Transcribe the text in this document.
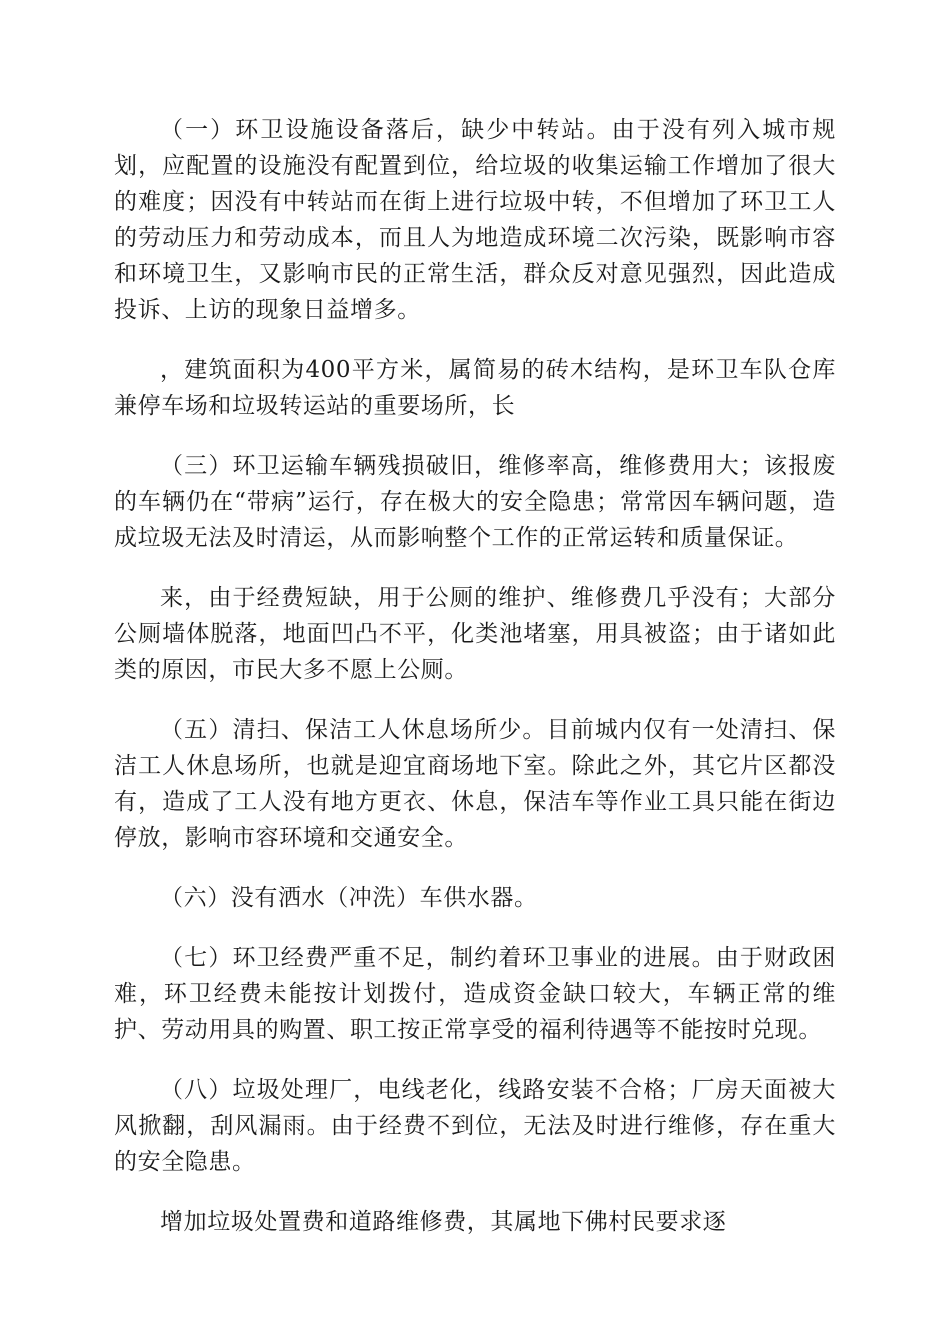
（一）环卫设施设备落后，缺少中转站。由于没有列入城市规划，应配置的设施没有配置到位，给垃圾的收集运输工作增加了很大的难度；因没有中转站而在街上进行垃圾中转，不但增加了环卫工人的劳动压力和劳动成本，而且人为地造成环境二次污染，既影响市容和环境卫生，又影响市民的正常生活，群众反对意见强烈，因此造成投诉、上访的现象日益增多。

，建筑面积为400平方米，属简易的砖木结构，是环卫车队仓库兼停车场和垃圾转运站的重要场所，长

（三）环卫运输车辆残损破旧，维修率高，维修费用大；该报废的车辆仍在“带病”运行，存在极大的安全隐患；常常因车辆问题，造成垃圾无法及时清运，从而影响整个工作的正常运转和质量保证。

来，由于经费短缺，用于公厕的维护、维修费几乎没有；大部分公厕墙体脱落，地面凹凸不平，化类池堵塞，用具被盗；由于诸如此类的原因，市民大多不愿上公厕。

（五）清扫、保洁工人休息场所少。目前城内仅有一处清扫、保洁工人休息场所，也就是迎宜商场地下室。除此之外，其它片区都没有，造成了工人没有地方更衣、休息，保洁车等作业工具只能在街边停放，影响市容环境和交通安全。

（六）没有洒水（冲洗）车供水器。

（七）环卫经费严重不足，制约着环卫事业的进展。由于财政困难，环卫经费未能按计划拨付，造成资金缺口较大，车辆正常的维护、劳动用具的购置、职工按正常享受的福利待遇等不能按时兑现。

（八）垃圾处理厂，电线老化，线路安装不合格；厂房天面被大风掀翻，刮风漏雨。由于经费不到位，无法及时进行维修，存在重大的安全隐患。

增加垃圾处置费和道路维修费，其属地下佛村民要求逐
